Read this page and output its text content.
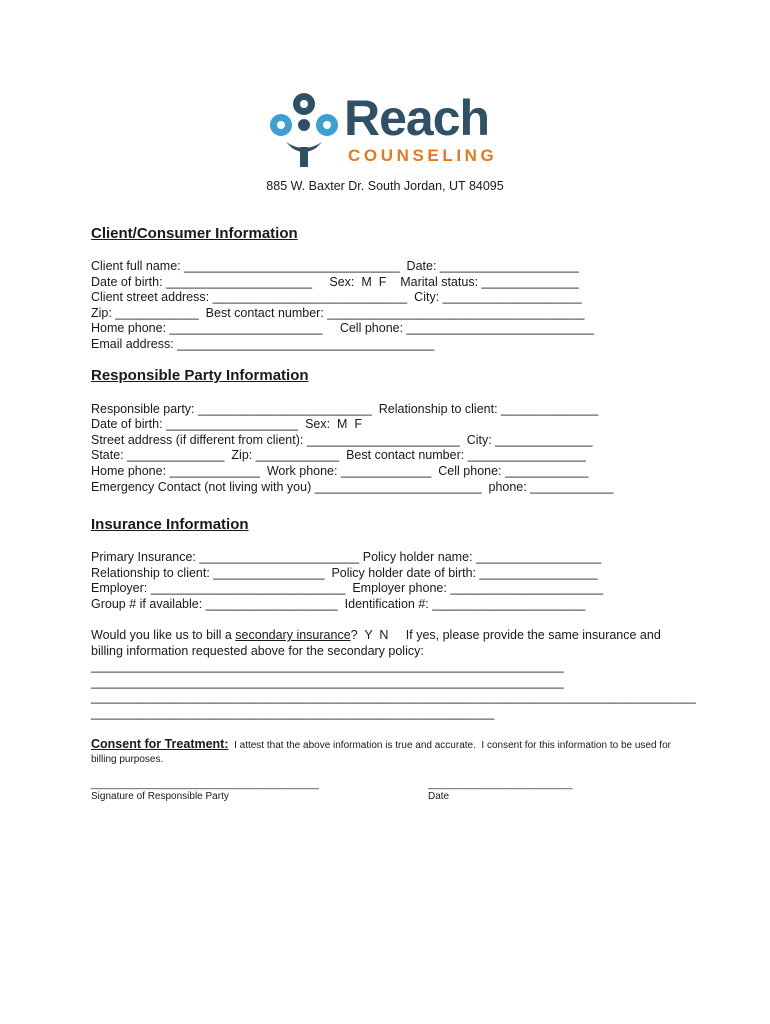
Reach
COUNSELING
885 W. Baxter Dr. South Jordan, UT 84095
Client/Consumer Information
Client full name: _______________________________  Date: ____________________
Date of birth: _____________________     Sex:  M  F    Marital status: ______________
Client street address: ____________________________  City: ____________________
Zip: ____________  Best contact number: _____________________________________
Home phone: ______________________     Cell phone: ___________________________
Email address: _____________________________________
Responsible Party Information
Responsible party: _________________________  Relationship to client: ______________
Date of birth: ___________________  Sex:  M  F
Street address (if different from client): ______________________  City: ______________
State: ______________  Zip: ____________  Best contact number: _________________
Home phone: _____________  Work phone: _____________  Cell phone: ____________
Emergency Contact (not living with you) ________________________  phone: ____________
Insurance Information
Primary Insurance: _______________________ Policy holder name: __________________
Relationship to client: ________________  Policy holder date of birth: _________________
Employer: ____________________________  Employer phone: ______________________
Group # if available: ___________________  Identification #: ______________________
Would you like us to bill a secondary insurance?  Y  N     If yes, please provide the same insurance and
billing information requested above for the secondary policy:
____________________________________________________________________
____________________________________________________________________
_______________________________________________________________________________________
__________________________________________________________
Consent for Treatment:  I attest that the above information is true and accurate.  I consent for this information to be used for
billing purposes.
_________________________________________
Signature of Responsible Party
__________________________
Date
